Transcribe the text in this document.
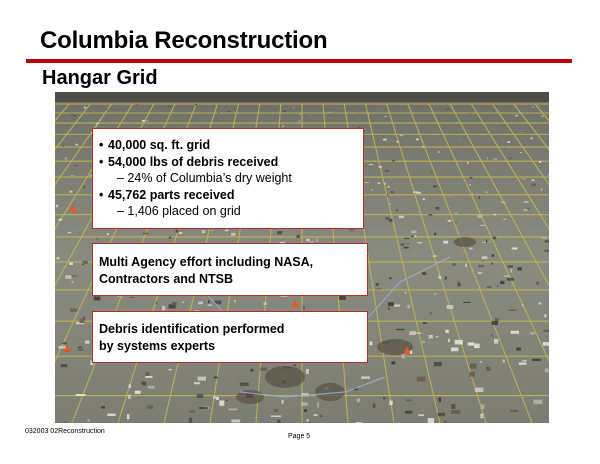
Columbia Reconstruction
Hangar Grid
• 40,000 sq. ft. grid
• 54,000 lbs of debris received
– 24% of Columbia’s dry weight
• 45,762 parts received
– 1,406 placed on grid
Multi Agency effort including NASA,
Contractors and NTSB
Debris identification performed
by systems experts
032003 02Reconstruction
Page 5
